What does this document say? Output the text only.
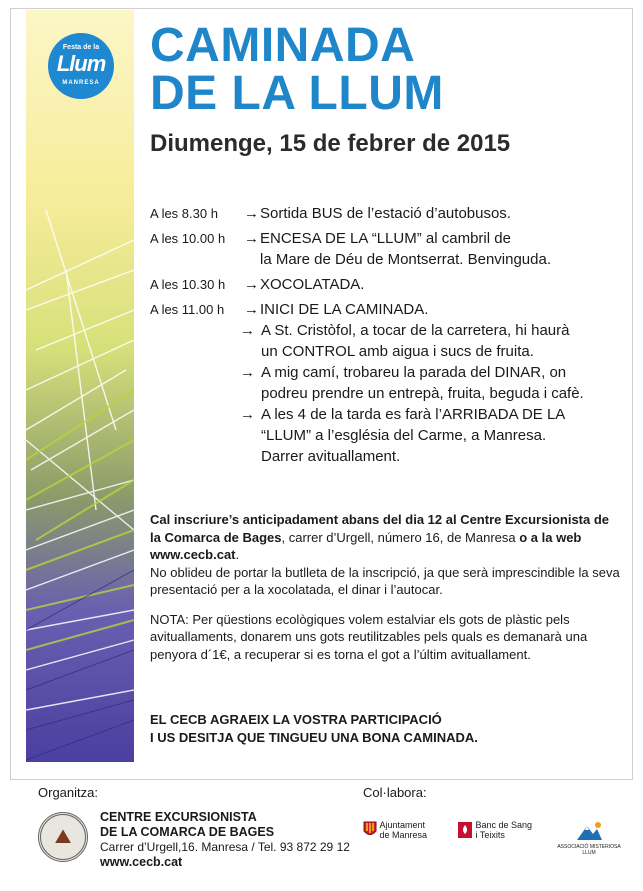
Festa de la
Llum
MANRESA
CAMINADA
DE LA LLUM
Diumenge, 15 de febrer de 2015
A les 8.30 h	→ Sortida BUS de l’estació d’autobusos.
A les 10.00 h	→ ENCESA DE LA “LLUM” al cambril de
la Mare de Déu de Montserrat. Benvinguda.
A les 10.30 h	→ XOCOLATADA.
A les 11.00 h	→ INICI DE LA CAMINADA.
→ A St. Cristòfol, a tocar de la carretera, hi haurà
un CONTROL amb aigua i sucs de fruita.
→ A mig camí, trobareu la parada del DINAR, on
podreu prendre un entrepà, fruita, beguda i cafè.
→ A les 4 de la tarda es farà l’ARRIBADA DE LA
“LLUM” a l’església del Carme, a Manresa.
Darrer avituallament.

Cal inscriure’s anticipadament abans del dia 12 al Centre Excursionista de la Comarca de Bages, carrer d’Urgell, número 16, de Manresa o a la web www.cecb.cat.
No oblideu de portar la butlleta de la inscripció, ja que serà imprescindible la seva presentació per a la xocolatada, el dinar i l’autocar.

NOTA: Per qüestions ecològiques volem estalviar els gots de plàstic pels avituallaments, donarem uns gots reutilitzables pels quals es demanarà una penyora d´1€, a recuperar si es torna el got a l’últim avituallament.

EL CECB AGRAEIX LA VOSTRA PARTICIPACIÓ
I US DESITJA QUE TINGUEU UNA BONA CAMINADA.
Organitza:	Col·labora:
⛰
CENTRE EXCURSIONISTA
DE LA COMARCA DE BAGES
Carrer d’Urgell,16. Manresa / Tel. 93 872 29 12
www.cecb.cat
Ajuntament
de Manresa
Banc de Sang
i Teixits
ASSOCIACIÓ MISTERIOSA LLUM
